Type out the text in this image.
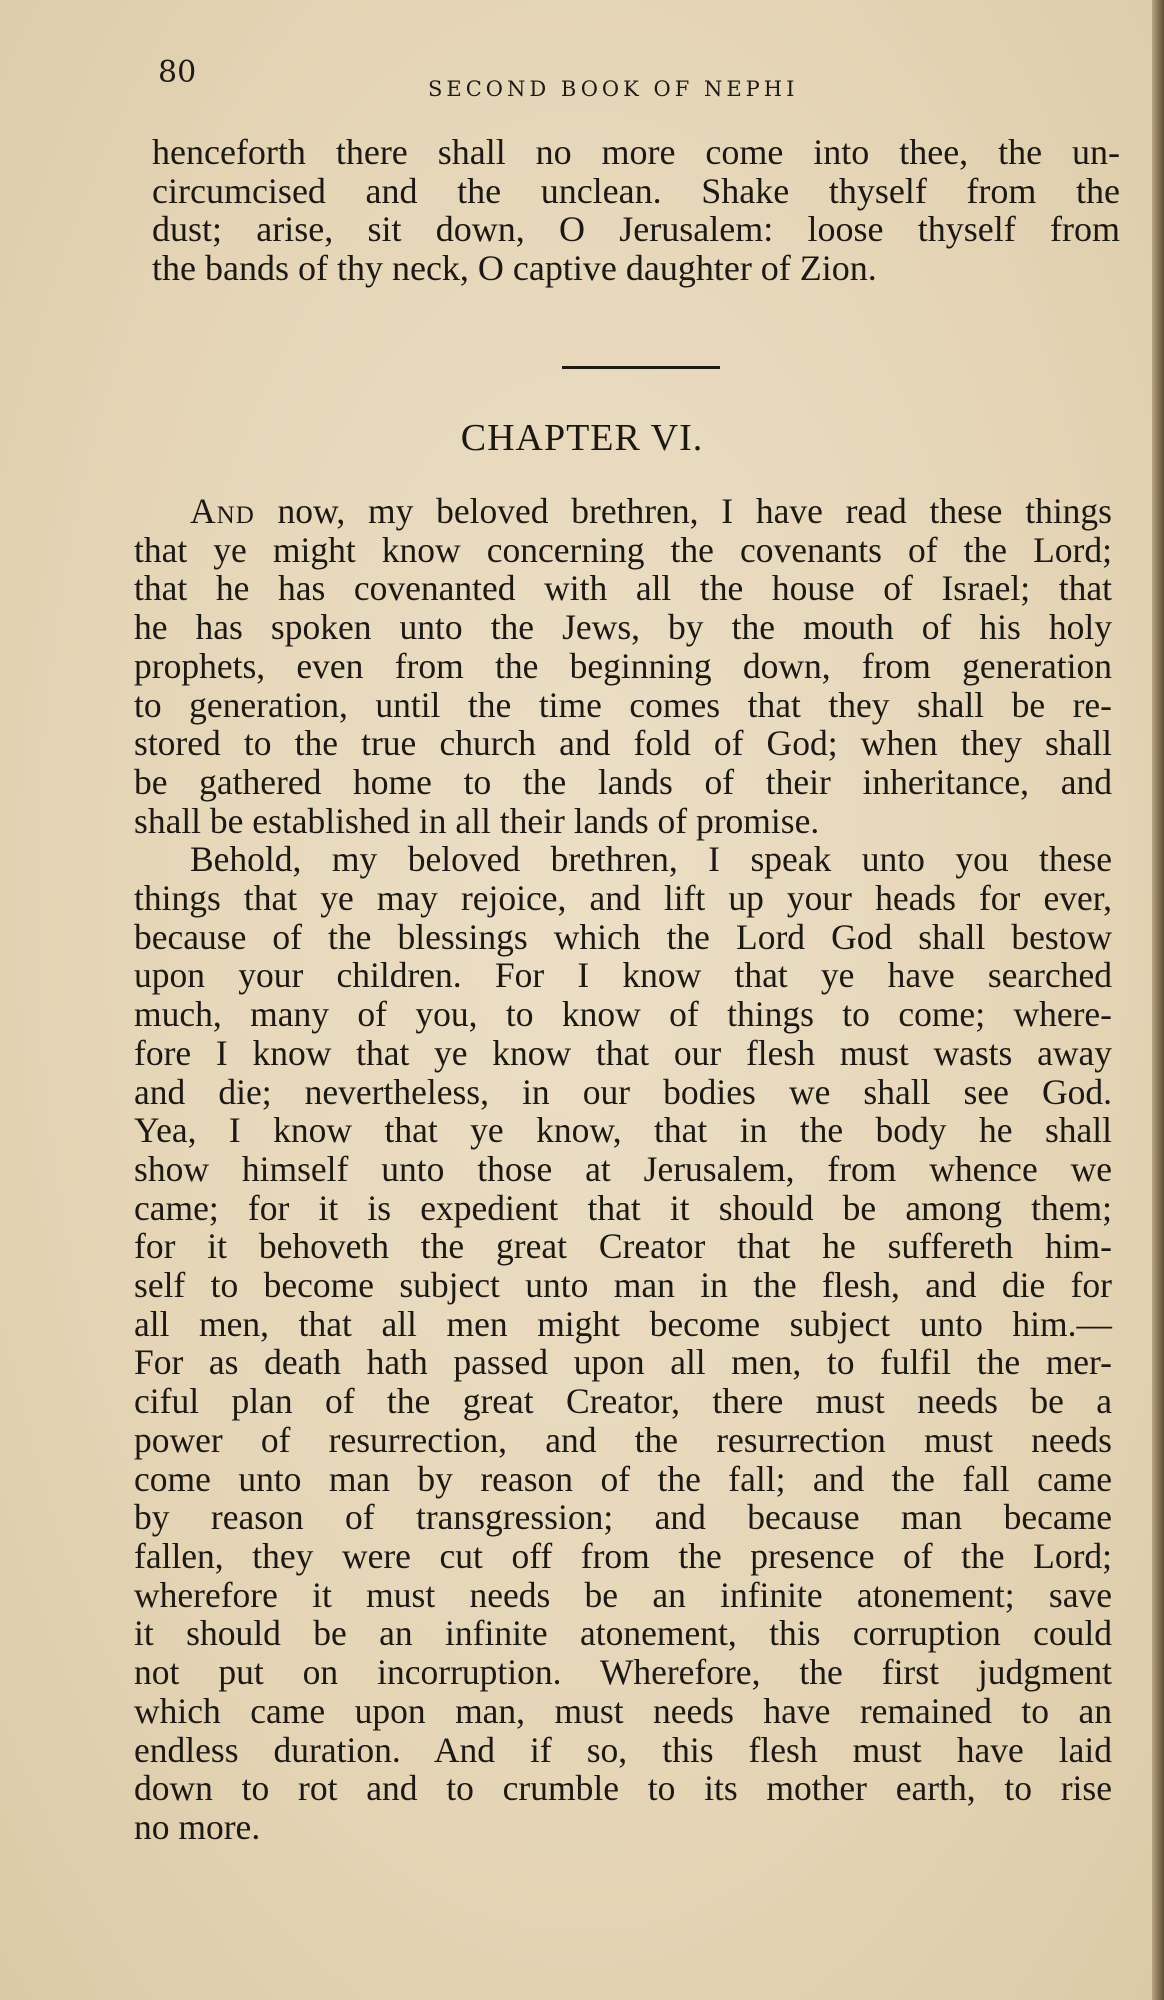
80	SECOND BOOK OF NEPHI
henceforth there shall no more come into thee, the un-
circumcised and the unclean. Shake thyself from the
dust; arise, sit down, O Jerusalem: loose thyself from
the bands of thy neck, O captive daughter of Zion.
CHAPTER VI.
And now, my beloved brethren, I have read these things
that ye might know concerning the covenants of the Lord;
that he has covenanted with all the house of Israel; that
he has spoken unto the Jews, by the mouth of his holy
prophets, even from the beginning down, from generation
to generation, until the time comes that they shall be re-
stored to the true church and fold of God; when they shall
be gathered home to the lands of their inheritance, and
shall be established in all their lands of promise.
Behold, my beloved brethren, I speak unto you these
things that ye may rejoice, and lift up your heads for ever,
because of the blessings which the Lord God shall bestow
upon your children. For I know that ye have searched
much, many of you, to know of things to come; where-
fore I know that ye know that our flesh must wasts away
and die; nevertheless, in our bodies we shall see God.
Yea, I know that ye know, that in the body he shall
show himself unto those at Jerusalem, from whence we
came; for it is expedient that it should be among them;
for it behoveth the great Creator that he suffereth him-
self to become subject unto man in the flesh, and die for
all men, that all men might become subject unto him.—
For as death hath passed upon all men, to fulfil the mer-
ciful plan of the great Creator, there must needs be a
power of resurrection, and the resurrection must needs
come unto man by reason of the fall; and the fall came
by reason of transgression; and because man became
fallen, they were cut off from the presence of the Lord;
wherefore it must needs be an infinite atonement; save
it should be an infinite atonement, this corruption could
not put on incorruption. Wherefore, the first judgment
which came upon man, must needs have remained to an
endless duration. And if so, this flesh must have laid
down to rot and to crumble to its mother earth, to rise
no more.
